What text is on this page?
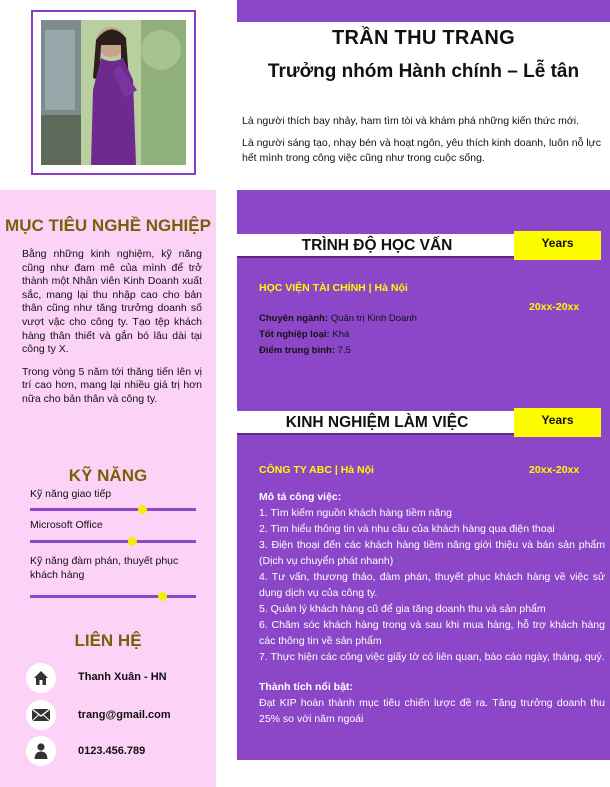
TRẦN THU TRANG
Trưởng nhóm Hành chính – Lễ tân

Là người thích bay nhảy, ham tìm tòi và khám phá những kiến thức mới.

Là người sáng tạo, nhạy bén và hoạt ngôn, yêu thích kinh doanh, luôn nỗ lực hết mình trong công việc cũng như trong cuộc sống.

MỤC TIÊU NGHỀ NGHIỆP

Bằng những kinh nghiệm, kỹ năng cũng như đam mê của mình để trở thành một Nhân viên Kinh Doanh xuất sắc, mang lại thu nhập cao cho bản thân cũng như tăng trưởng doanh số vượt vậc cho công ty. Tạo tệp khách hàng thân thiết và gắn bó lâu dài tại công ty X.

Trong vòng 5 năm tới thăng tiến lên vị trí cao hơn, mang lại nhiều giá trị hơn nữa cho bản thân và công ty.

KỸ NĂNG
Kỹ năng giao tiếp
Microsoft Office
Kỹ năng đàm phán, thuyết phục khách hàng
LIÊN HỆ
Thanh Xuân - HN
trang@gmail.com
0123.456.789
TRÌNH ĐỘ HỌC VẤN	Years
HỌC VIỆN TÀI CHÍNH | Hà Nội
20xx-20xx
Chuyên ngành: Quản trị Kinh Doanh
Tốt nghiệp loại: Khá
Điểm trung bình: 7.5
KINH NGHIỆM LÀM VIỆC	Years
CÔNG TY ABC | Hà Nội	20xx-20xx
Mô tả công việc:
1. Tìm kiếm nguồn khách hàng tiềm năng
2. Tìm hiểu thông tin và nhu cầu của khách hàng qua điện thoại
3. Điện thoại đến các khách hàng tiềm năng giới thiệu và bán sản phẩm (Dịch vụ chuyển phát nhanh)
4. Tư vấn, thương thảo, đàm phán, thuyết phục khách hàng về việc sử dụng dịch vụ của công ty.
5. Quản lý khách hàng cũ để gia tăng doanh thu và sản phẩm
6. Chăm sóc khách hàng trong và sau khi mua hàng, hỗ trợ khách hàng các thông tin về sản phẩm
7. Thực hiện các công việc giấy tờ có liên quan, báo cáo ngày, tháng, quý.
Thành tích nổi bật:
Đạt KIP hoàn thành mục tiêu chiến lược đề ra. Tăng trưởng doanh thu 25% so với năm ngoái
